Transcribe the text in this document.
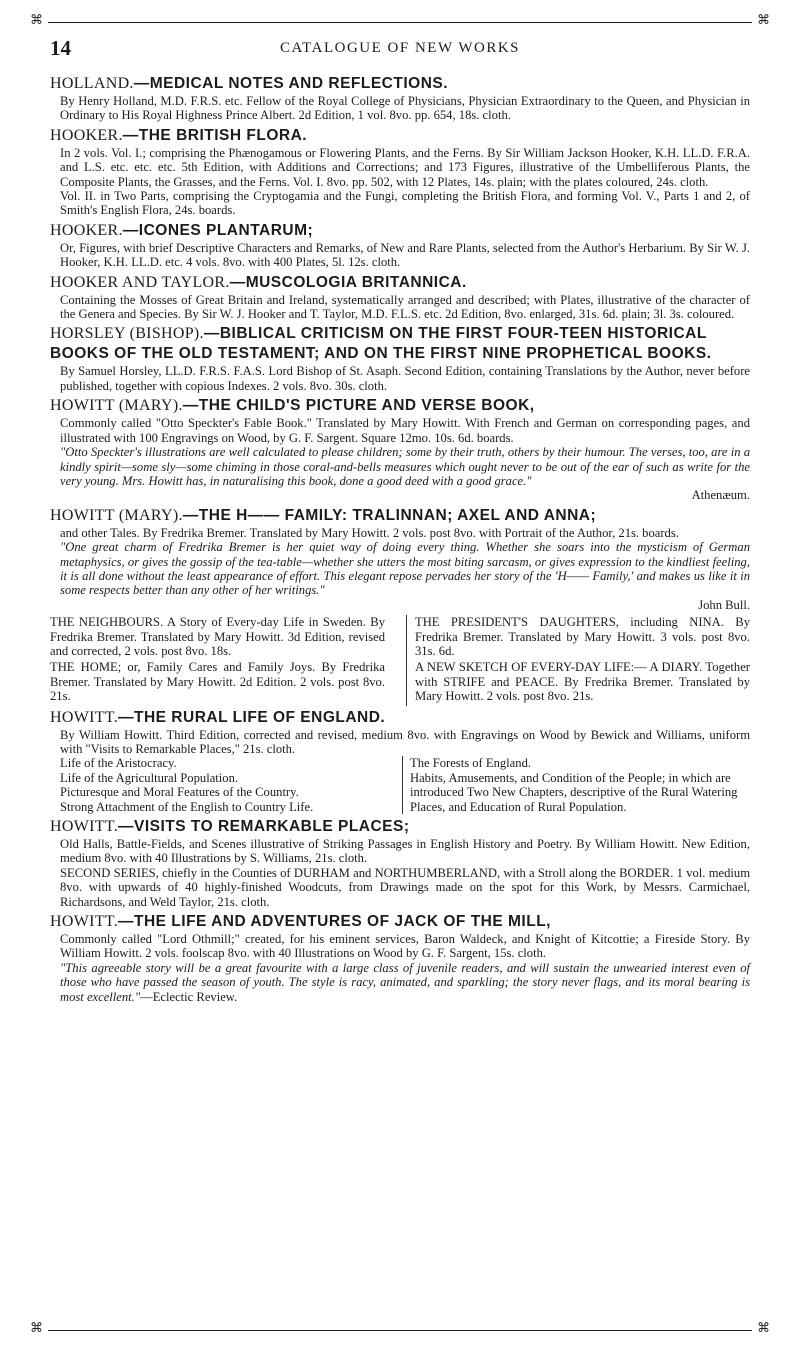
⌘	⌘
14	CATALOGUE OF NEW WORKS

HOLLAND.—MEDICAL NOTES AND REFLECTIONS.

By Henry Holland, M.D. F.R.S. etc. Fellow of the Royal College of Physicians, Physician Extraordinary to the Queen, and Physician in Ordinary to His Royal Highness Prince Albert. 2d Edition, 1 vol. 8vo. pp. 654, 18s. cloth.

HOOKER.—THE BRITISH FLORA.

In 2 vols. Vol. I.; comprising the Phænogamous or Flowering Plants, and the Ferns. By Sir William Jackson Hooker, K.H. LL.D. F.R.A. and L.S. etc. etc. etc. 5th Edition, with Additions and Corrections; and 173 Figures, illustrative of the Umbelliferous Plants, the Composite Plants, the Grasses, and the Ferns. Vol. I. 8vo. pp. 502, with 12 Plates, 14s. plain; with the plates coloured, 24s. cloth.

Vol. II. in Two Parts, comprising the Cryptogamia and the Fungi, completing the British Flora, and forming Vol. V., Parts 1 and 2, of Smith's English Flora, 24s. boards.

HOOKER.—ICONES PLANTARUM;

Or, Figures, with brief Descriptive Characters and Remarks, of New and Rare Plants, selected from the Author's Herbarium. By Sir W. J. Hooker, K.H. LL.D. etc. 4 vols. 8vo. with 400 Plates, 5l. 12s. cloth.

HOOKER AND TAYLOR.—MUSCOLOGIA BRITANNICA.

Containing the Mosses of Great Britain and Ireland, systematically arranged and described; with Plates, illustrative of the character of the Genera and Species. By Sir W. J. Hooker and T. Taylor, M.D. F.L.S. etc. 2d Edition, 8vo. enlarged, 31s. 6d. plain; 3l. 3s. coloured.

HORSLEY (BISHOP).—BIBLICAL CRITICISM ON THE FIRST FOUR-TEEN HISTORICAL BOOKS OF THE OLD TESTAMENT; AND ON THE FIRST NINE PROPHETICAL BOOKS.

By Samuel Horsley, LL.D. F.R.S. F.A.S. Lord Bishop of St. Asaph. Second Edition, containing Translations by the Author, never before published, together with copious Indexes. 2 vols. 8vo. 30s. cloth.

HOWITT (MARY).—THE CHILD'S PICTURE AND VERSE BOOK,

Commonly called "Otto Speckter's Fable Book." Translated by Mary Howitt. With French and German on corresponding pages, and illustrated with 100 Engravings on Wood, by G. F. Sargent. Square 12mo. 10s. 6d. boards.

"Otto Speckter's illustrations are well calculated to please children; some by their truth, others by their humour. The verses, too, are in a kindly spirit—some sly—some chiming in those coral-and-bells measures which ought never to be out of the ear of such as write for the very young. Mrs. Howitt has, in naturalising this book, done a good deed with a good grace."

Athenæum.

HOWITT (MARY).—THE H—— FAMILY: TRALINNAN; AXEL AND ANNA;

and other Tales. By Fredrika Bremer. Translated by Mary Howitt. 2 vols. post 8vo. with Portrait of the Author, 21s. boards.

"One great charm of Fredrika Bremer is her quiet way of doing every thing. Whether she soars into the mysticism of German metaphysics, or gives the gossip of the tea-table—whether she utters the most biting sarcasm, or gives expression to the kindliest feeling, it is all done without the least appearance of effort. This elegant repose pervades her story of the 'H—— Family,' and makes us like it in some respects better than any other of her writings."

John Bull.

THE NEIGHBOURS. A Story of Every-day Life in Sweden. By Fredrika Bremer. Translated by Mary Howitt. 3d Edition, revised and corrected, 2 vols. post 8vo. 18s.

THE HOME; or, Family Cares and Family Joys. By Fredrika Bremer. Translated by Mary Howitt. 2d Edition. 2 vols. post 8vo. 21s.

THE PRESIDENT'S DAUGHTERS, including NINA. By Fredrika Bremer. Translated by Mary Howitt. 3 vols. post 8vo. 31s. 6d.

A NEW SKETCH OF EVERY-DAY LIFE:— A DIARY. Together with STRIFE and PEACE. By Fredrika Bremer. Translated by Mary Howitt. 2 vols. post 8vo. 21s.

HOWITT.—THE RURAL LIFE OF ENGLAND.

By William Howitt. Third Edition, corrected and revised, medium 8vo. with Engravings on Wood by Bewick and Williams, uniform with "Visits to Remarkable Places," 21s. cloth.

Life of the Aristocracy.

Life of the Agricultural Population.

Picturesque and Moral Features of the Country.

Strong Attachment of the English to Country Life.

The Forests of England.

Habits, Amusements, and Condition of the People; in which are introduced Two New Chapters, descriptive of the Rural Watering Places, and Education of Rural Population.

HOWITT.—VISITS TO REMARKABLE PLACES;

Old Halls, Battle-Fields, and Scenes illustrative of Striking Passages in English History and Poetry. By William Howitt. New Edition, medium 8vo. with 40 Illustrations by S. Williams, 21s. cloth.

SECOND SERIES, chiefly in the Counties of DURHAM and NORTHUMBERLAND, with a Stroll along the BORDER. 1 vol. medium 8vo. with upwards of 40 highly-finished Woodcuts, from Drawings made on the spot for this Work, by Messrs. Carmichael, Richardsons, and Weld Taylor, 21s. cloth.

HOWITT.—THE LIFE AND ADVENTURES OF JACK OF THE MILL,

Commonly called "Lord Othmill;" created, for his eminent services, Baron Waldeck, and Knight of Kitcottie; a Fireside Story. By William Howitt. 2 vols. foolscap 8vo. with 40 Illustrations on Wood by G. F. Sargent, 15s. cloth.

"This agreeable story will be a great favourite with a large class of juvenile readers, and will sustain the unwearied interest even of those who have passed the season of youth. The style is racy, animated, and sparkling; the story never flags, and its moral bearing is most excellent."—Eclectic Review.

⌘	⌘
